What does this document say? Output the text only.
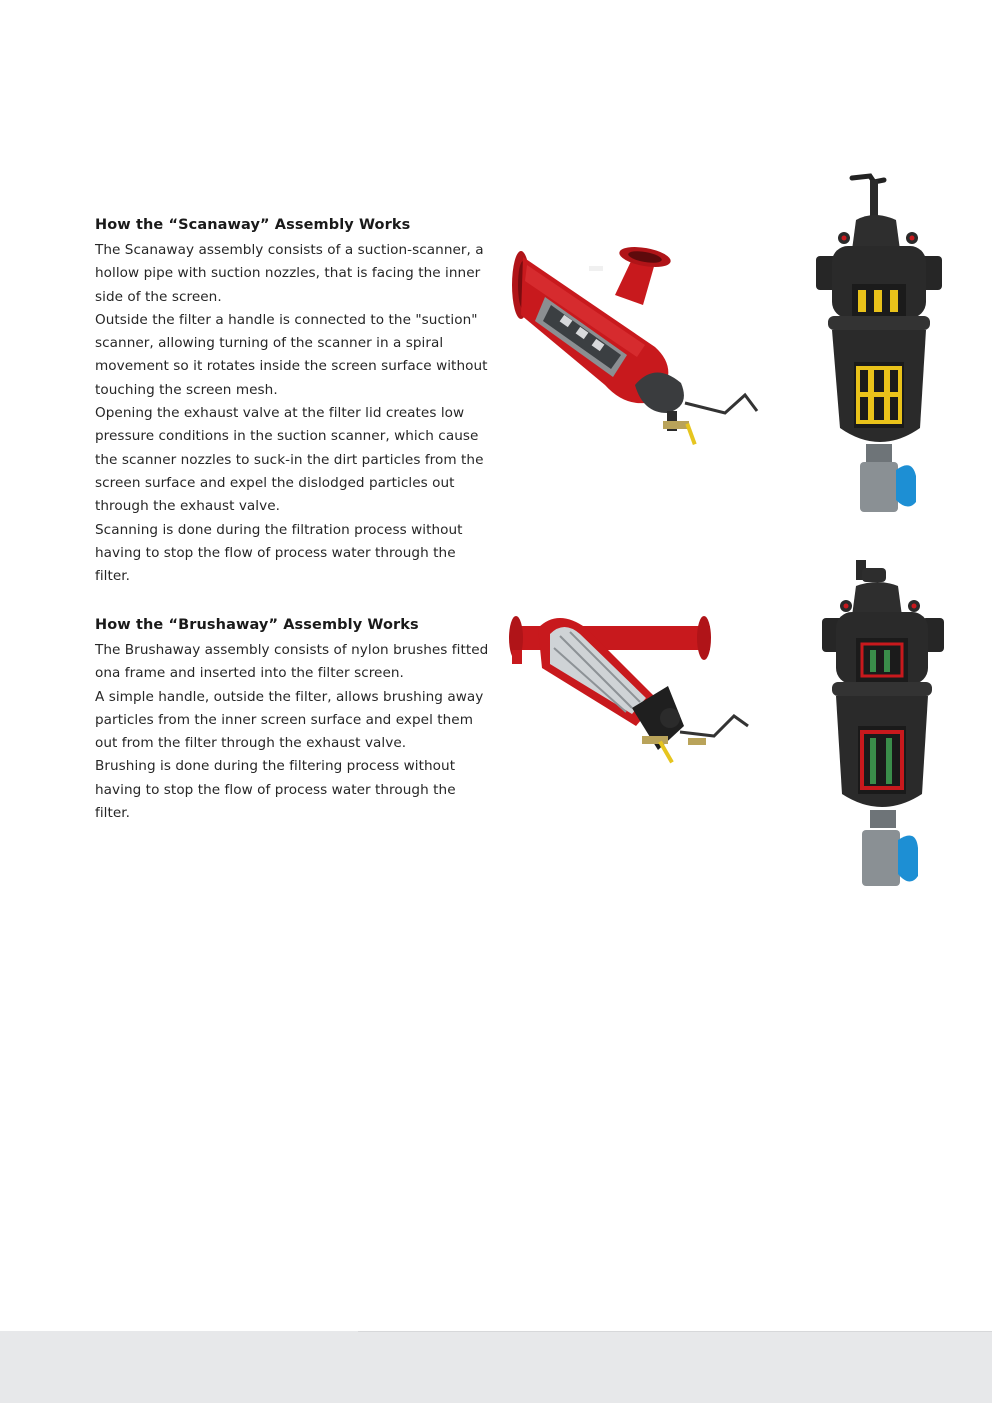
How the “Scanaway” Assembly Works

The Scanaway assembly consists of a suction-scanner, a hollow pipe with suction nozzles, that is facing the inner side of the screen.

Outside the filter a handle is connected to the "suction" scanner, allowing turning of the scanner in a spiral movement so it rotates inside the screen surface without touching the screen mesh.

Opening the exhaust valve at the filter lid creates low pressure conditions in the suction scanner, which cause the scanner nozzles to suck-in the dirt particles from the screen surface and expel the dislodged particles out through the exhaust valve.

Scanning is done during the filtration process without having to stop the flow of process water through the filter.

How the “Brushaway” Assembly Works

The Brushaway assembly consists of nylon brushes fitted ona frame and inserted into the filter screen.

A simple handle, outside the filter, allows brushing away particles from the inner screen surface and expel them out from the filter through the exhaust valve.

Brushing is done during the filtering process without having to stop the flow of process water through the filter.
